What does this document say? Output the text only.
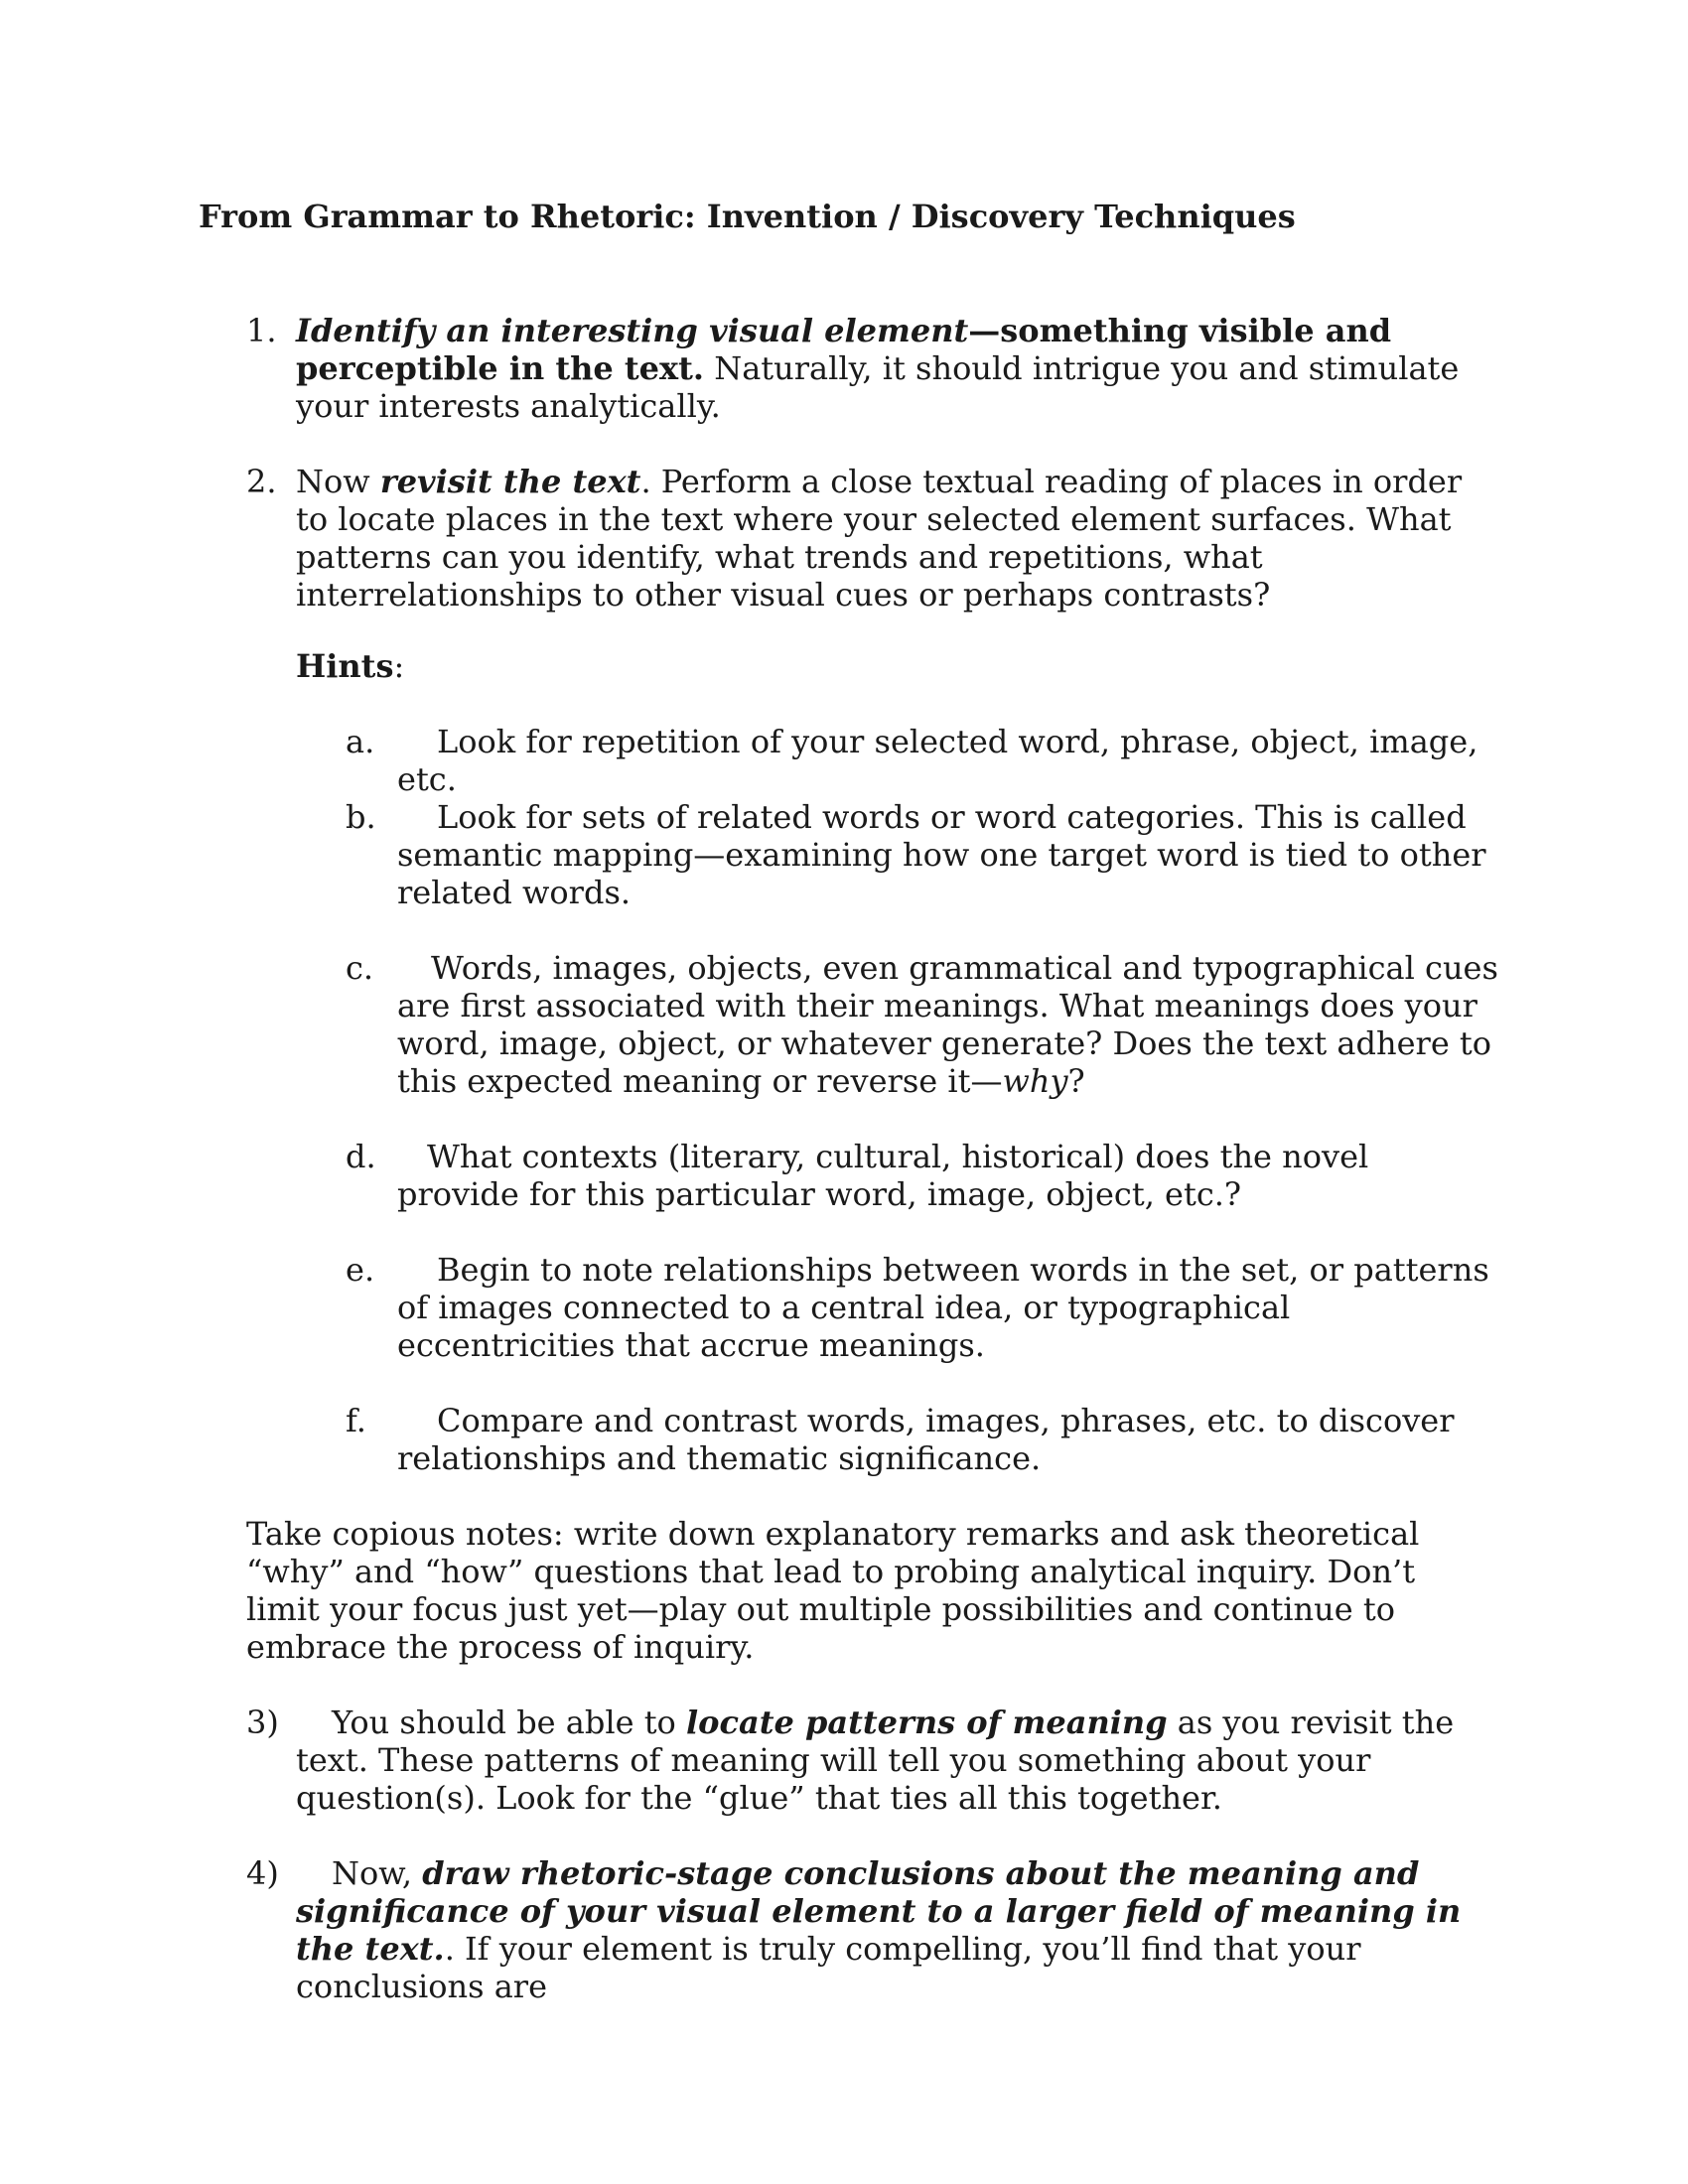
From Grammar to Rhetoric: Invention / Discovery Techniques
1. Identify an interesting visual element—something visible and perceptible in the text. Naturally, it should intrigue you and stimulate your interests analytically.

2. Now revisit the text. Perform a close textual reading of places in order to locate places in the text where your selected element surfaces. What patterns can you identify, what trends and repetitions, what interrelationships to other visual cues or perhaps contrasts?

Hints:
a.	Look for repetition of your selected word, phrase, object, image, etc.
b.	Look for sets of related words or word categories. This is called semantic mapping—examining how one target word is tied to other related words.
c.	Words, images, objects, even grammatical and typographical cues are first associated with their meanings. What meanings does your word, image, object, or whatever generate? Does the text adhere to this expected meaning or reverse it—why?
d.	What contexts (literary, cultural, historical) does the novel provide for this particular word, image, object, etc.?
e.	Begin to note relationships between words in the set, or patterns of images connected to a central idea, or typographical eccentricities that accrue meanings.
f.	Compare and contrast words, images, phrases, etc. to discover relationships and thematic significance.

Take copious notes: write down explanatory remarks and ask theoretical “why” and “how” questions that lead to probing analytical inquiry. Don’t limit your focus just yet—play out multiple possibilities and continue to embrace the process of inquiry.

3)	You should be able to locate patterns of meaning as you revisit the text. These patterns of meaning will tell you something about your question(s). Look for the “glue” that ties all this together.

4)	Now, draw rhetoric-stage conclusions about the meaning and significance of your visual element to a larger field of meaning in the text.. If your element is truly compelling, you’ll find that your conclusions are
